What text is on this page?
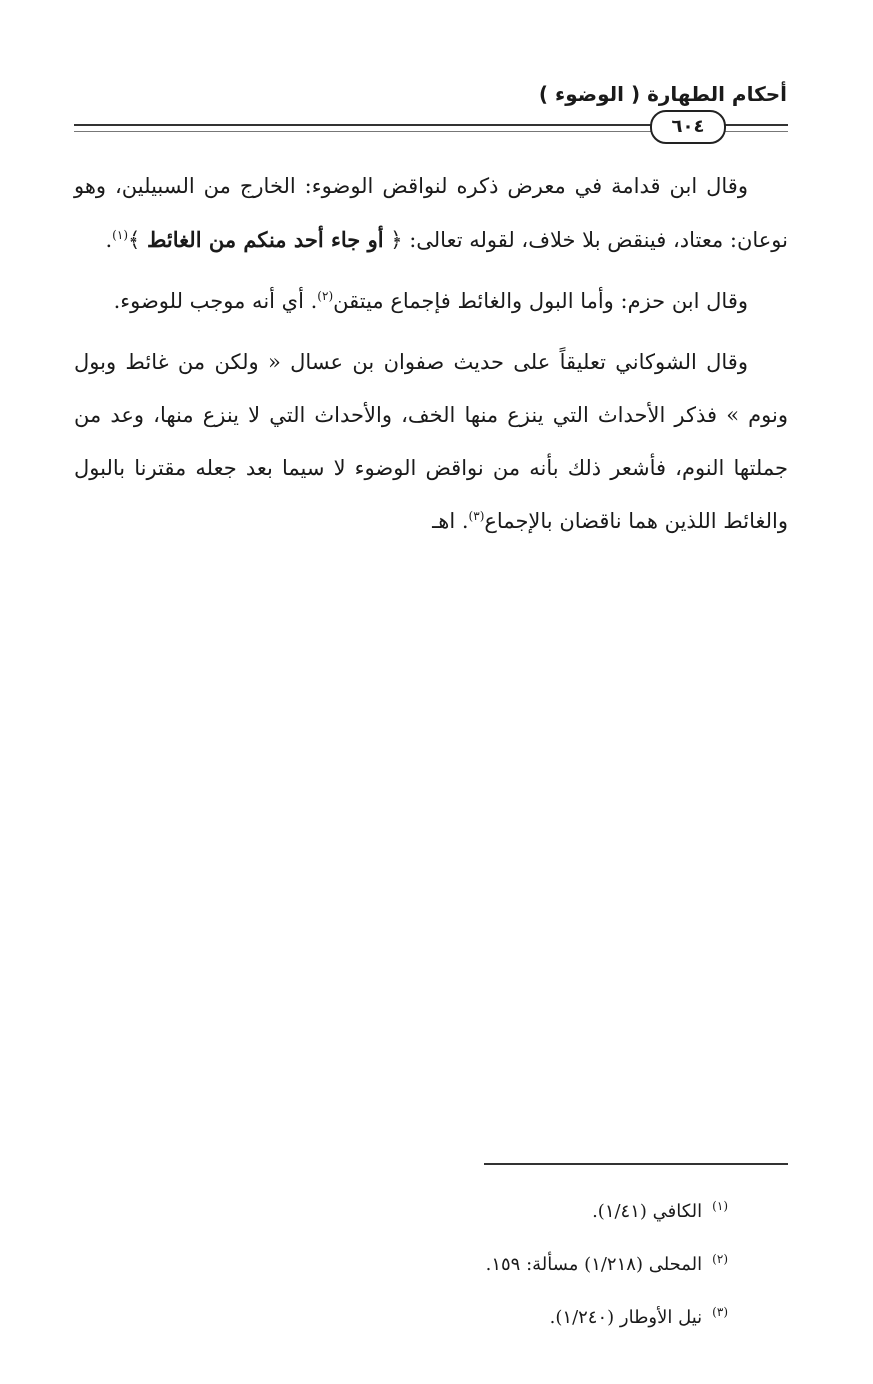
أحكام الطهارة ( الوضوء )
٦٠٤

وقال ابن قدامة في معرض ذكره لنواقض الوضوء: الخارج من السبيلين، وهو نوعان: معتاد، فينقض بلا خلاف، لقوله تعالى: ﴿ أو جاء أحد منكم من الغائط ﴾$^{(١)}$.

وقال ابن حزم: وأما البول والغائط فإجماع ميتقن$^{(٢)}$. أي أنه موجب للوضوء.

وقال الشوكاني تعليقاً على حديث صفوان بن عسال « ولكن من غائط وبول ونوم » فذكر الأحداث التي ينزع منها الخف، والأحداث التي لا ينزع منها، وعد من جملتها النوم، فأشعر ذلك بأنه من نواقض الوضوء لا سيما بعد جعله مقترنا بالبول والغائط اللذين هما ناقضان بالإجماع$^{(٣)}$. اهـ

$^{(١)}$الكافي (١/٤١).
$^{(٢)}$المحلى (١/٢١٨) مسألة: ١٥٩.
$^{(٣)}$نيل الأوطار (١/٢٤٠).
